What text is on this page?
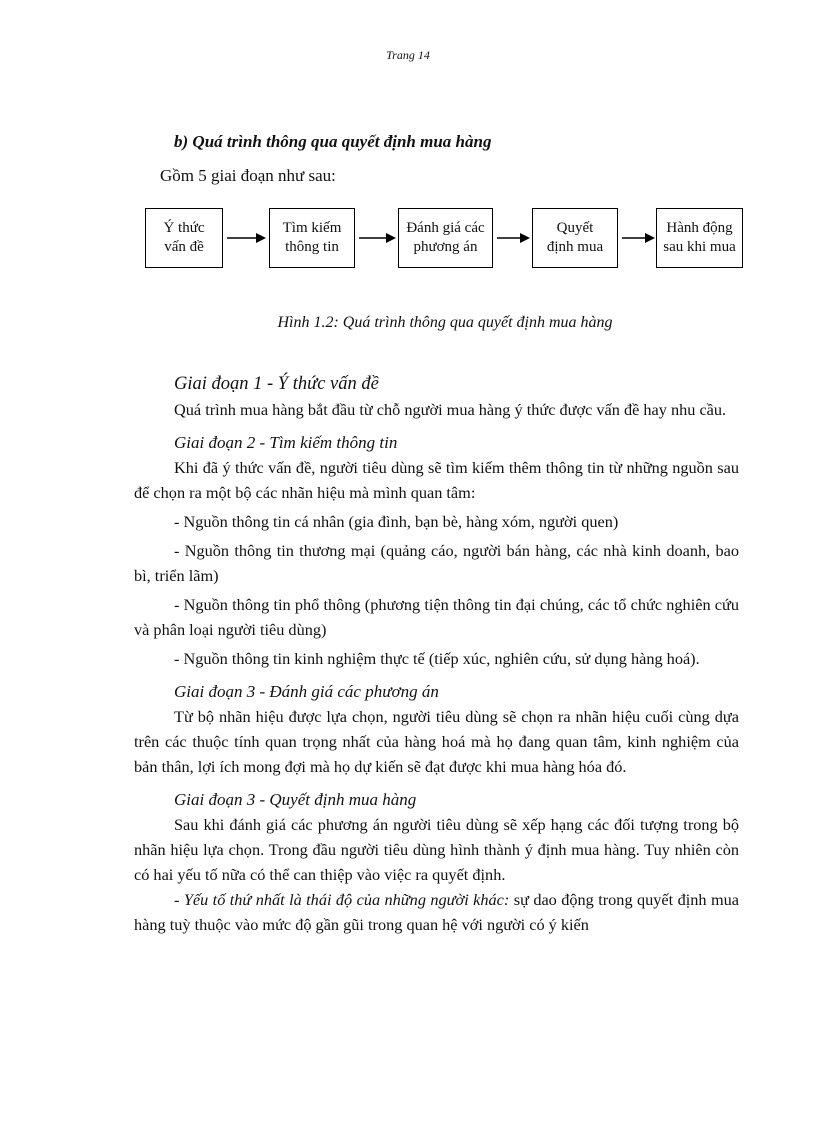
Trang 14
b) Quá trình thông qua quyết định mua hàng
Gồm 5 giai đoạn như sau:
Ý thức
vấn đề
Tìm kiếm
thông tin
Đánh giá các
phương án
Quyết
định mua
Hành động
sau khi mua
Hình 1.2: Quá trình thông qua quyết định mua hàng
Giai đoạn 1 - Ý thức vấn đề

Quá trình mua hàng bắt đầu từ chỗ người mua hàng ý thức được vấn đề hay nhu cầu.

Giai đoạn 2 - Tìm kiếm thông tin

Khi đã ý thức vấn đề, người tiêu dùng sẽ tìm kiếm thêm thông tin từ những nguồn sau để chọn ra một bộ các nhãn hiệu mà mình quan tâm:

- Nguồn thông tin cá nhân (gia đình, bạn bè, hàng xóm, người quen)

- Nguồn thông tin thương mại (quảng cáo, người bán hàng, các nhà kinh doanh, bao bì, triển lãm)

- Nguồn thông tin phổ thông (phương tiện thông tin đại chúng, các tổ chức nghiên cứu và phân loại người tiêu dùng)

- Nguồn thông tin kinh nghiệm thực tế (tiếp xúc, nghiên cứu, sử dụng hàng hoá).

Giai đoạn 3 - Đánh giá các phương án

Từ bộ nhãn hiệu được lựa chọn, người tiêu dùng sẽ chọn ra nhãn hiệu cuối cùng dựa trên các thuộc tính quan trọng nhất của hàng hoá mà họ đang quan tâm, kinh nghiệm của bản thân, lợi ích mong đợi mà họ dự kiến sẽ đạt được khi mua hàng hóa đó.

Giai đoạn 3 - Quyết định mua hàng

Sau khi đánh giá các phương án người tiêu dùng sẽ xếp hạng các đối tượng trong bộ nhãn hiệu lựa chọn. Trong đầu người tiêu dùng hình thành ý định mua hàng. Tuy nhiên còn có hai yếu tố nữa có thể can thiệp vào việc ra quyết định.

- Yếu tố thứ nhất là thái độ của những người khác: sự dao động trong quyết định mua hàng tuỳ thuộc vào mức độ gần gũi trong quan hệ với người có ý kiến
